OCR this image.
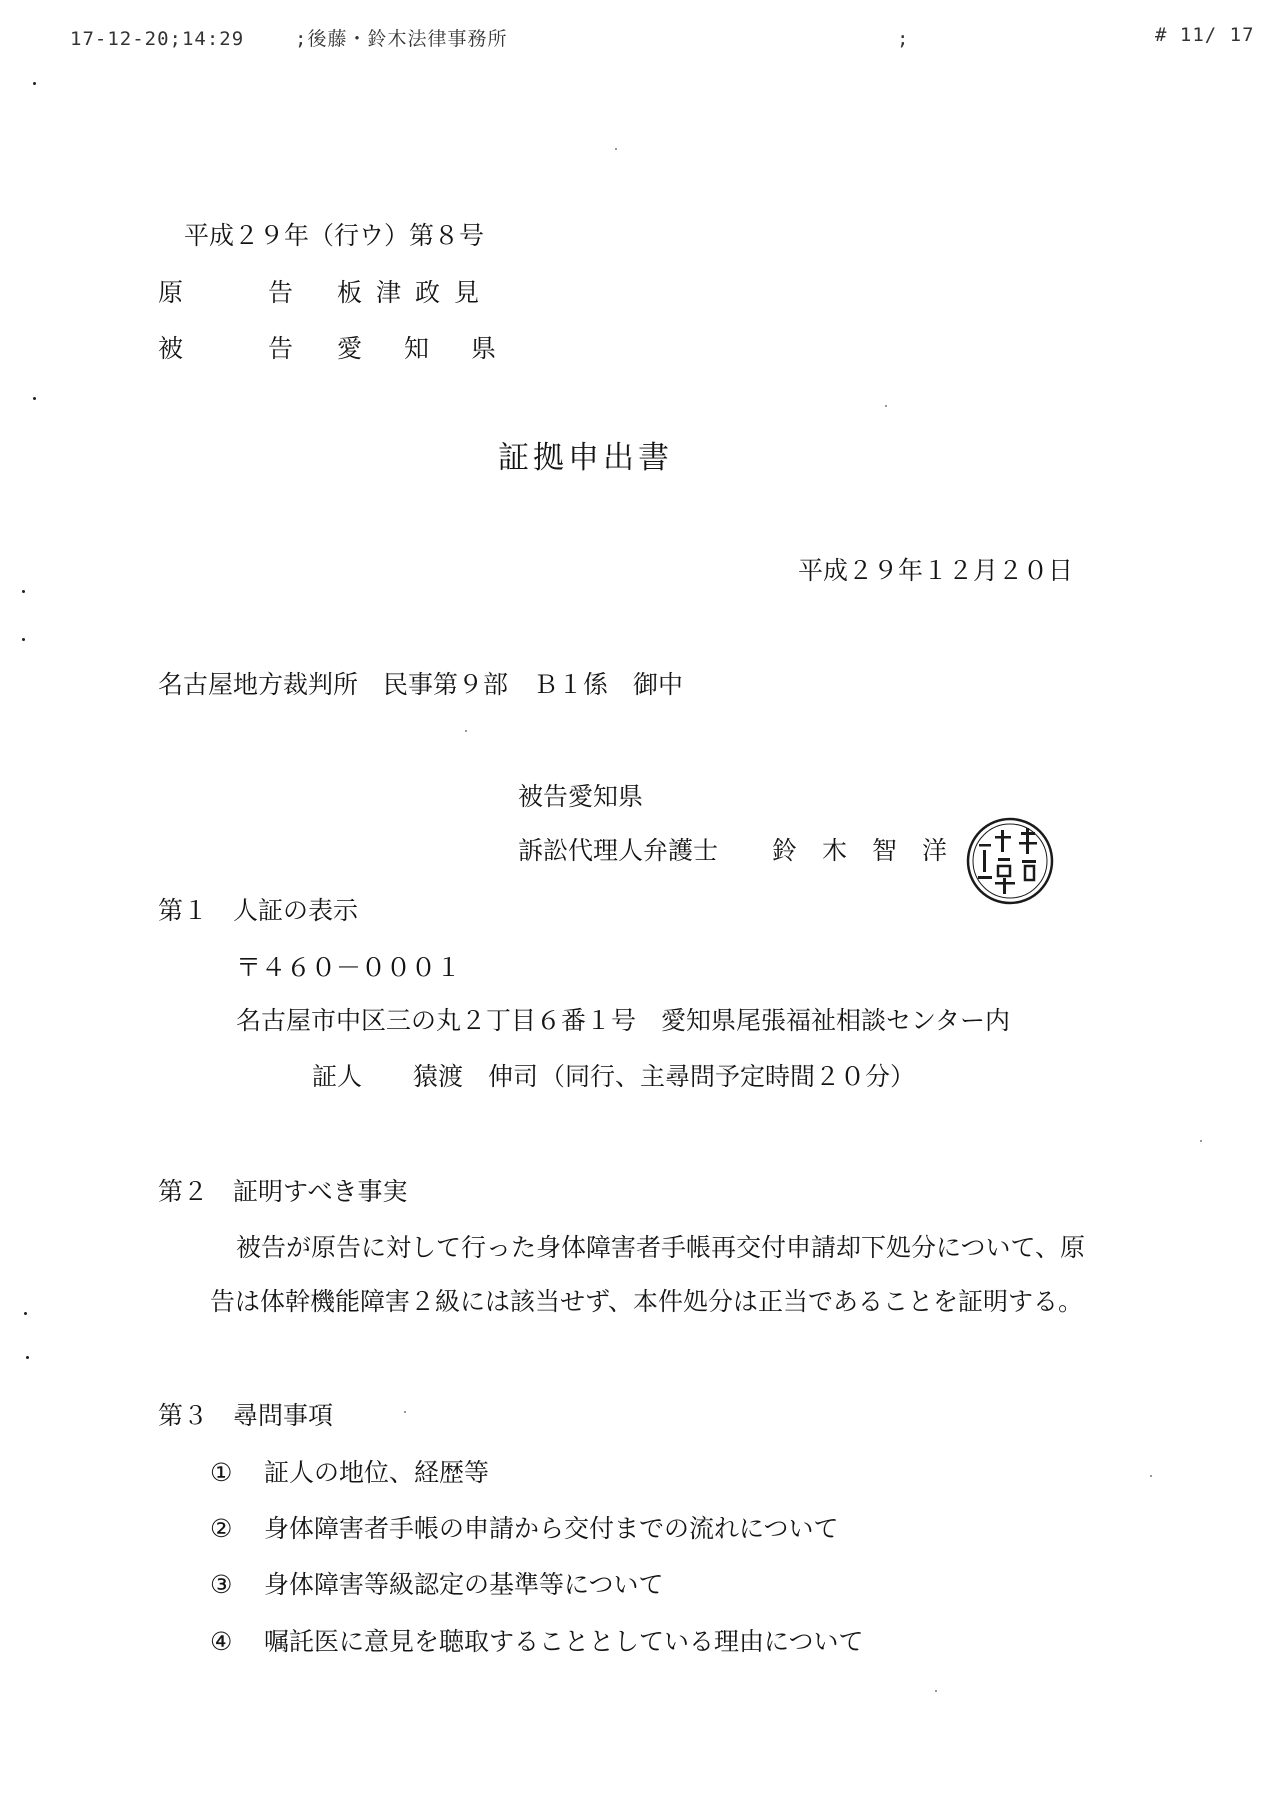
17-12-20;14:29	;後藤・鈴木法律事務所	;	# 11/ 17
平成２９年（行ウ）第８号
原　告 板津政見
被　告 愛知県
証拠申出書
平成２９年１２月２０日
名古屋地方裁判所　民事第９部　Ｂ１係　御中
被告愛知県
訴訟代理人弁護士 鈴　木　智　洋
第１　人証の表示
〒４６０－０００１
名古屋市中区三の丸２丁目６番１号　愛知県尾張福祉相談センター内
証人 猿渡　伸司 （同行、主尋問予定時間２０分）
第２　証明すべき事実
被告が原告に対して行った身体障害者手帳再交付申請却下処分について、原
告は体幹機能障害２級には該当せず、本件処分は正当であることを証明する。
第３　尋問事項
① 証人の地位、経歴等
② 身体障害者手帳の申請から交付までの流れについて
③ 身体障害等級認定の基準等について
④ 嘱託医に意見を聴取することとしている理由について
